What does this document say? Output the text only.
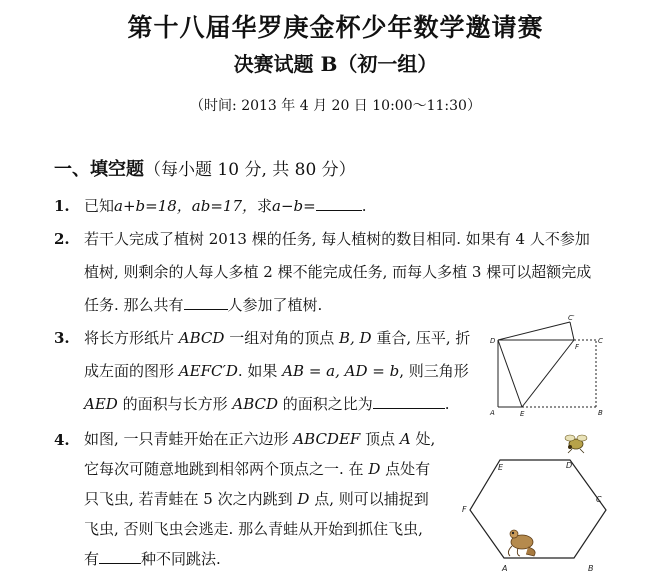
第十八届华罗庚金杯少年数学邀请赛
决赛试题 B（初一组）
（时间: 2013 年 4 月 20 日 10:00～11:30）
一、填空题（每小题 10 分, 共 80 分）
1. 已知a+b=18，ab=17，求a−b=	.
2. 若干人完成了植树 2013 棵的任务, 每人植树的数目相同. 如果有 4 人不参加
植树, 则剩余的人每人多植 2 棵不能完成任务, 而每人多植 3 棵可以超额完成
任务. 那么共有	人参加了植树.
3. 将长方形纸片 ABCD 一组对角的顶点 B, D 重合, 压平, 折
成左面的图形 AEFC′D. 如果 AB = a, AD = b, 则三角形
AED 的面积与长方形 ABCD 的面积之比为	.	A	B
C
C′
D
E
F
4. 如图, 一只青蛙开始在正六边形 ABCDEF 顶点 A 处,
它每次可随意地跳到相邻两个顶点之一. 在 D 点处有
只飞虫, 若青蛙在 5 次之内跳到 D 点, 则可以捕捉到
飞虫, 否则飞虫会逃走. 那么青蛙从开始到抓住飞虫,
有	种不同跳法.
A	B
C
D
E
F
